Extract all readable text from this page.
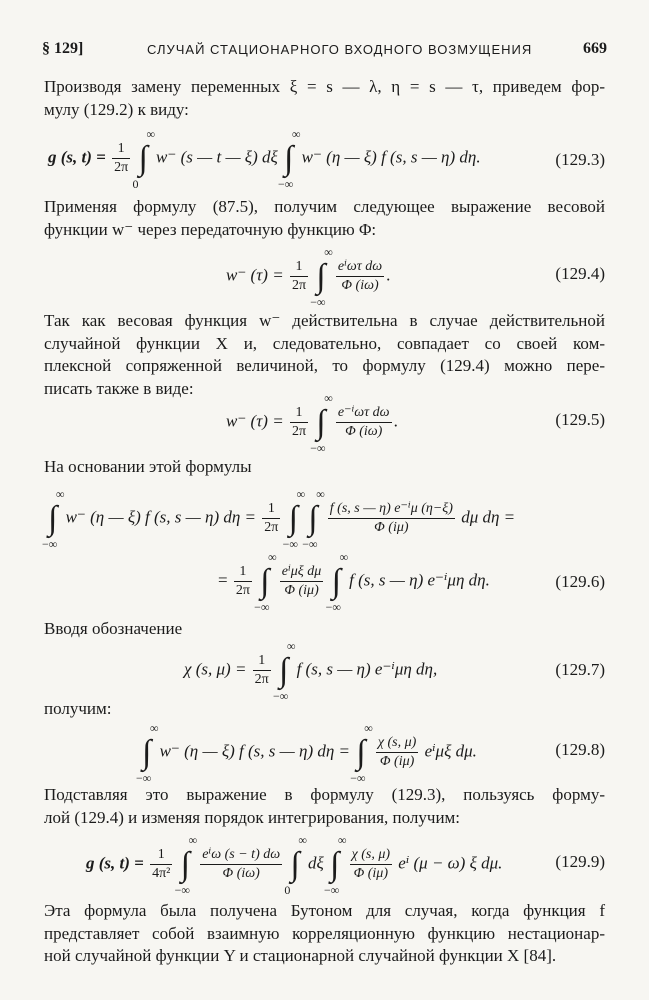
§ 129]	СЛУЧАЙ СТАЦИОНАРНОГО ВХОДНОГО ВОЗМУЩЕНИЯ	669
Производя замену переменных ξ = s — λ, η = s — τ, приведем фор-
мулу (129.2) к виду:
g (s, $t) = \frac{1}{2\pi}$ ∫
∞
0
w⁻ (s — t — ξ) dξ ∫
∞
−∞
w⁻ (η — ξ) f (s, s — η) dη.	(129.3)
Применяя формулу (87.5), получим следующее выражение весовой
функции w⁻ через передаточную функцию Φ:
w⁻ $(\tau) = \frac{1}{2\pi}$ ∫
∞
−∞

$\frac{\text{eⁱωτ dω}}{\Phi (i\omega)}$ .	(129.4)
Так как весовая функция w⁻ действительна в случае действительной
случайной функции X и, следовательно, совпадает со своей ком-
плексной сопряженной величиной, то формулу (129.4) можно пере-
писать также в виде:
w⁻ $(\tau) = \frac{1}{2\pi}$ ∫
∞
−∞

$\frac{\text{e⁻ⁱωτ dω}}{\Phi (i\omega)}$ .	(129.5)
На основании этой формулы
∫
∞
−∞
w⁻ (η — ξ) f (s, s — η) $d\eta = \frac{1}{2\pi}$ ∫
∞
−∞
∫
∞
−∞

$\frac{\text{f (s, s — η) e⁻ⁱμ (η−ξ)}}{\Phi (i\mu)}$ dμ dη =
= $\frac{1}{2\pi}$ ∫
∞
−∞

$\frac{\text{eⁱμξ dμ}}{\Phi (i\mu)}$ ∫
∞
−∞
f (s, s — η) e⁻ⁱμη dη.	(129.6)
Вводя обозначение
χ (s, $\mu) = \frac{1}{2\pi}$ ∫
∞
−∞
f (s, s — η) e⁻ⁱμη dη,	(129.7)
получим:
∫
∞
−∞
w⁻ (η — ξ) f (s, s — η) dη = ∫
∞
−∞

$\frac{\chi (s, \mu)}{\Phi (i\mu)}$ eⁱμξ dμ.	(129.8)
Подставляя это выражение в формулу (129.3), пользуясь форму-
лой (129.4) и изменяя порядок интегрирования, получим:
g (s, $t) = \frac{1}{\text{4π²}}$ ∫
∞
−∞

$\frac{\text{eⁱω (s − t) dω}}{\Phi (i\omega)}$ ∫
∞
0
dξ ∫
∞
−∞

$\frac{\chi (s, \mu)}{\Phi (i\mu)}$ eⁱ (μ − ω) ξ dμ.	(129.9)
Эта формула была получена Бутоном для случая, когда функция f
представляет собой взаимную корреляционную функцию нестационар-
ной случайной функции Y и стационарной случайной функции X [84].
